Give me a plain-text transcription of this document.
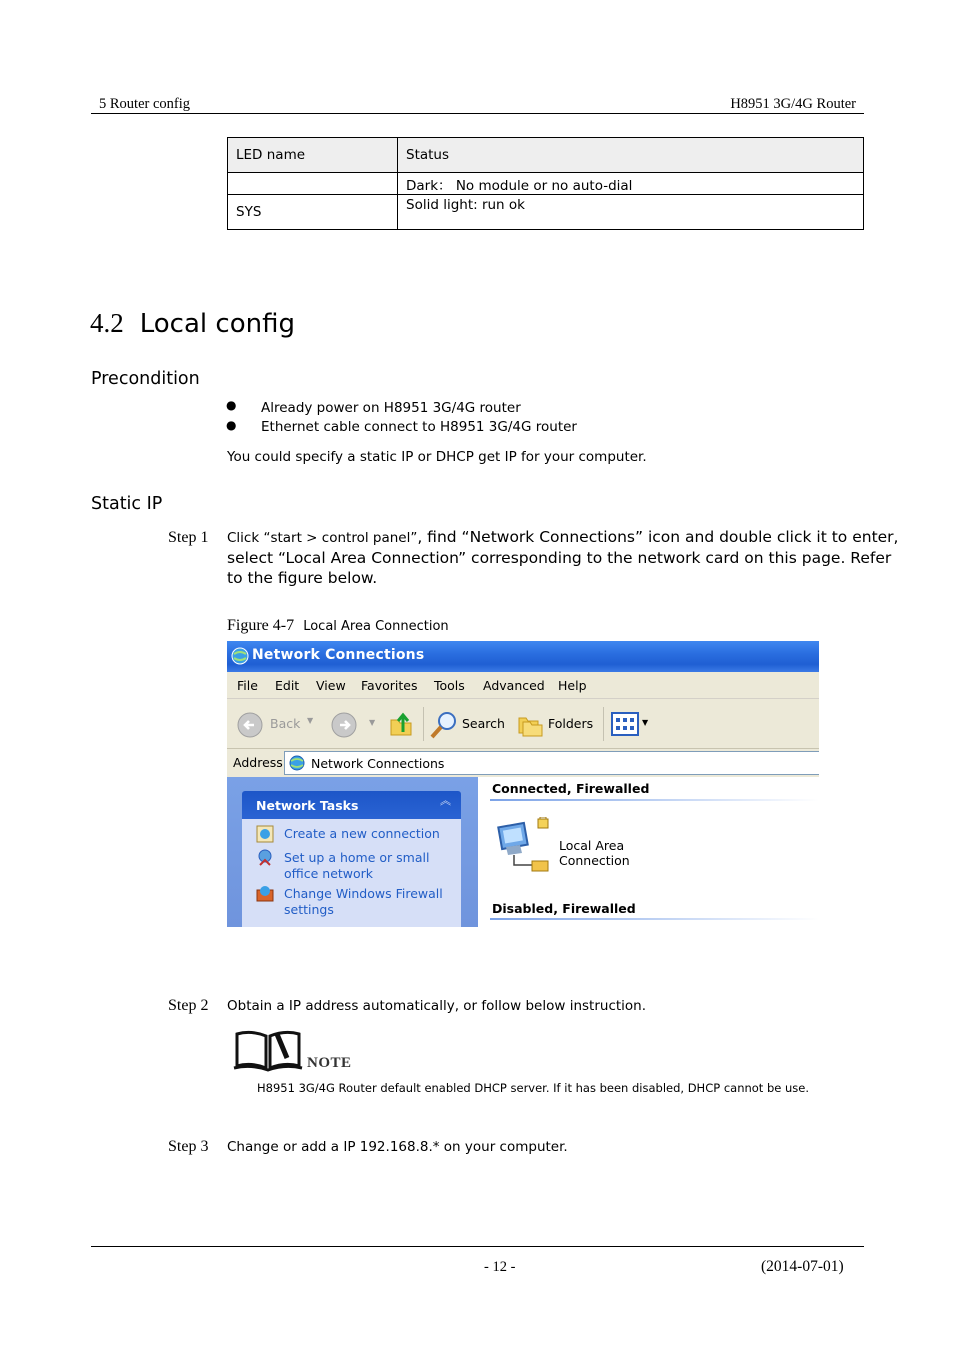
5 Router config	H8951 3G/4G Router
LED name	Status
	Dark： No module or no auto-dial
SYS	Solid light: run ok
4.2 Local config
Precondition
● Already power on H8951 3G/4G router
● Ethernet cable connect to H8951 3G/4G router
You could specify a static IP or DHCP get IP for your computer.
Static IP
Step 1 Click “start > control panel”, find “Network Connections” icon and double click it to enter,
select “Local Area Connection” corresponding to the network card on this page. Refer
to the figure below.
Figure 4-7 Local Area Connection
Network Connections
File Edit View Favorites Tools Advanced Help
Back ▼	▼	Search	Folders	▼
Address Network Connections
Network Tasks	︽
Create a new connection
Set up a home or small
office network
Change Windows Firewall
settings
Connected, Firewalled
Local Area Connection
Disabled, Firewalled
Step 2 Obtain a IP address automatically, or follow below instruction.
NOTE
H8951 3G/4G Router default enabled DHCP server. If it has been disabled, DHCP cannot be use.
Step 3 Change or add a IP 192.168.8.* on your computer.
- 12 -	(2014-07-01)
